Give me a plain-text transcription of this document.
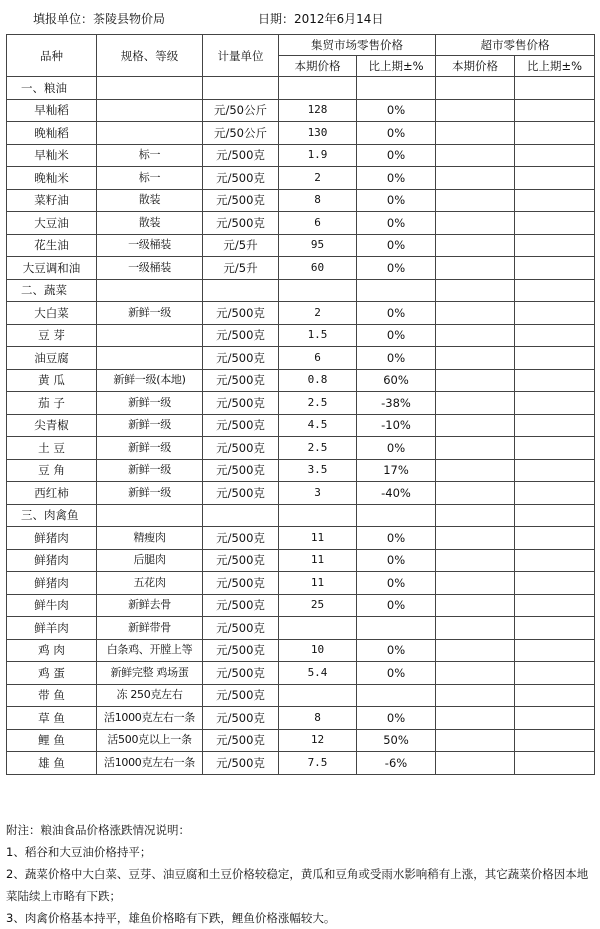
填报单位：茶陵县物价局	日期：2012年6月14日
品种	规格、等级	计量单位	集贸市场零售价格		超市零售价格	
			本期价格	比上期±%	本期价格	比上期±%
一、粮油						
早籼稻		元/50公斤	128	0%		
晚籼稻		元/50公斤	130	0%		
早籼米	标一	元/500克	1.9	0%		
晚籼米	标一	元/500克	2	0%		
菜籽油	散装	元/500克	8	0%		
大豆油	散装	元/500克	6	0%		
花生油	一级桶装	元/5升	95	0%		
大豆调和油	一级桶装	元/5升	60	0%		
二、蔬菜						
大白菜	新鲜一级	元/500克	2	0%		
豆 芽		元/500克	1.5	0%		
油豆腐		元/500克	6	0%		
黄 瓜	新鲜一级(本地)	元/500克	0.8	60%		
茄 子	新鲜一级	元/500克	2.5	-38%		
尖青椒	新鲜一级	元/500克	4.5	-10%		
土 豆	新鲜一级	元/500克	2.5	0%		
豆 角	新鲜一级	元/500克	3.5	17%		
西红柿	新鲜一级	元/500克	3	-40%		
三、肉禽鱼						
鲜猪肉	精瘦肉	元/500克	11	0%		
鲜猪肉	后腿肉	元/500克	11	0%		
鲜猪肉	五花肉	元/500克	11	0%		
鲜牛肉	新鲜去骨	元/500克	25	0%		
鲜羊肉	新鲜带骨	元/500克				
鸡 肉	白条鸡、开膛上等	元/500克	10	0%		
鸡 蛋	新鲜完整 鸡场蛋	元/500克	5.4	0%		
带 鱼	冻 250克左右	元/500克				
草 鱼	活1000克左右一条	元/500克	8	0%		
鲤 鱼	活500克以上一条	元/500克	12	50%		
雄 鱼	活1000克左右一条	元/500克	7.5	-6%		
附注：粮油食品价格涨跌情况说明：
1、稻谷和大豆油价格持平；
2、蔬菜价格中大白菜、豆芽、油豆腐和土豆价格较稳定，黄瓜和豆角或受雨水影响稍有上涨，其它蔬菜价格因本地菜陆续上市略有下跌；
3、肉禽价格基本持平，雄鱼价格略有下跌，鲤鱼价格涨幅较大。
